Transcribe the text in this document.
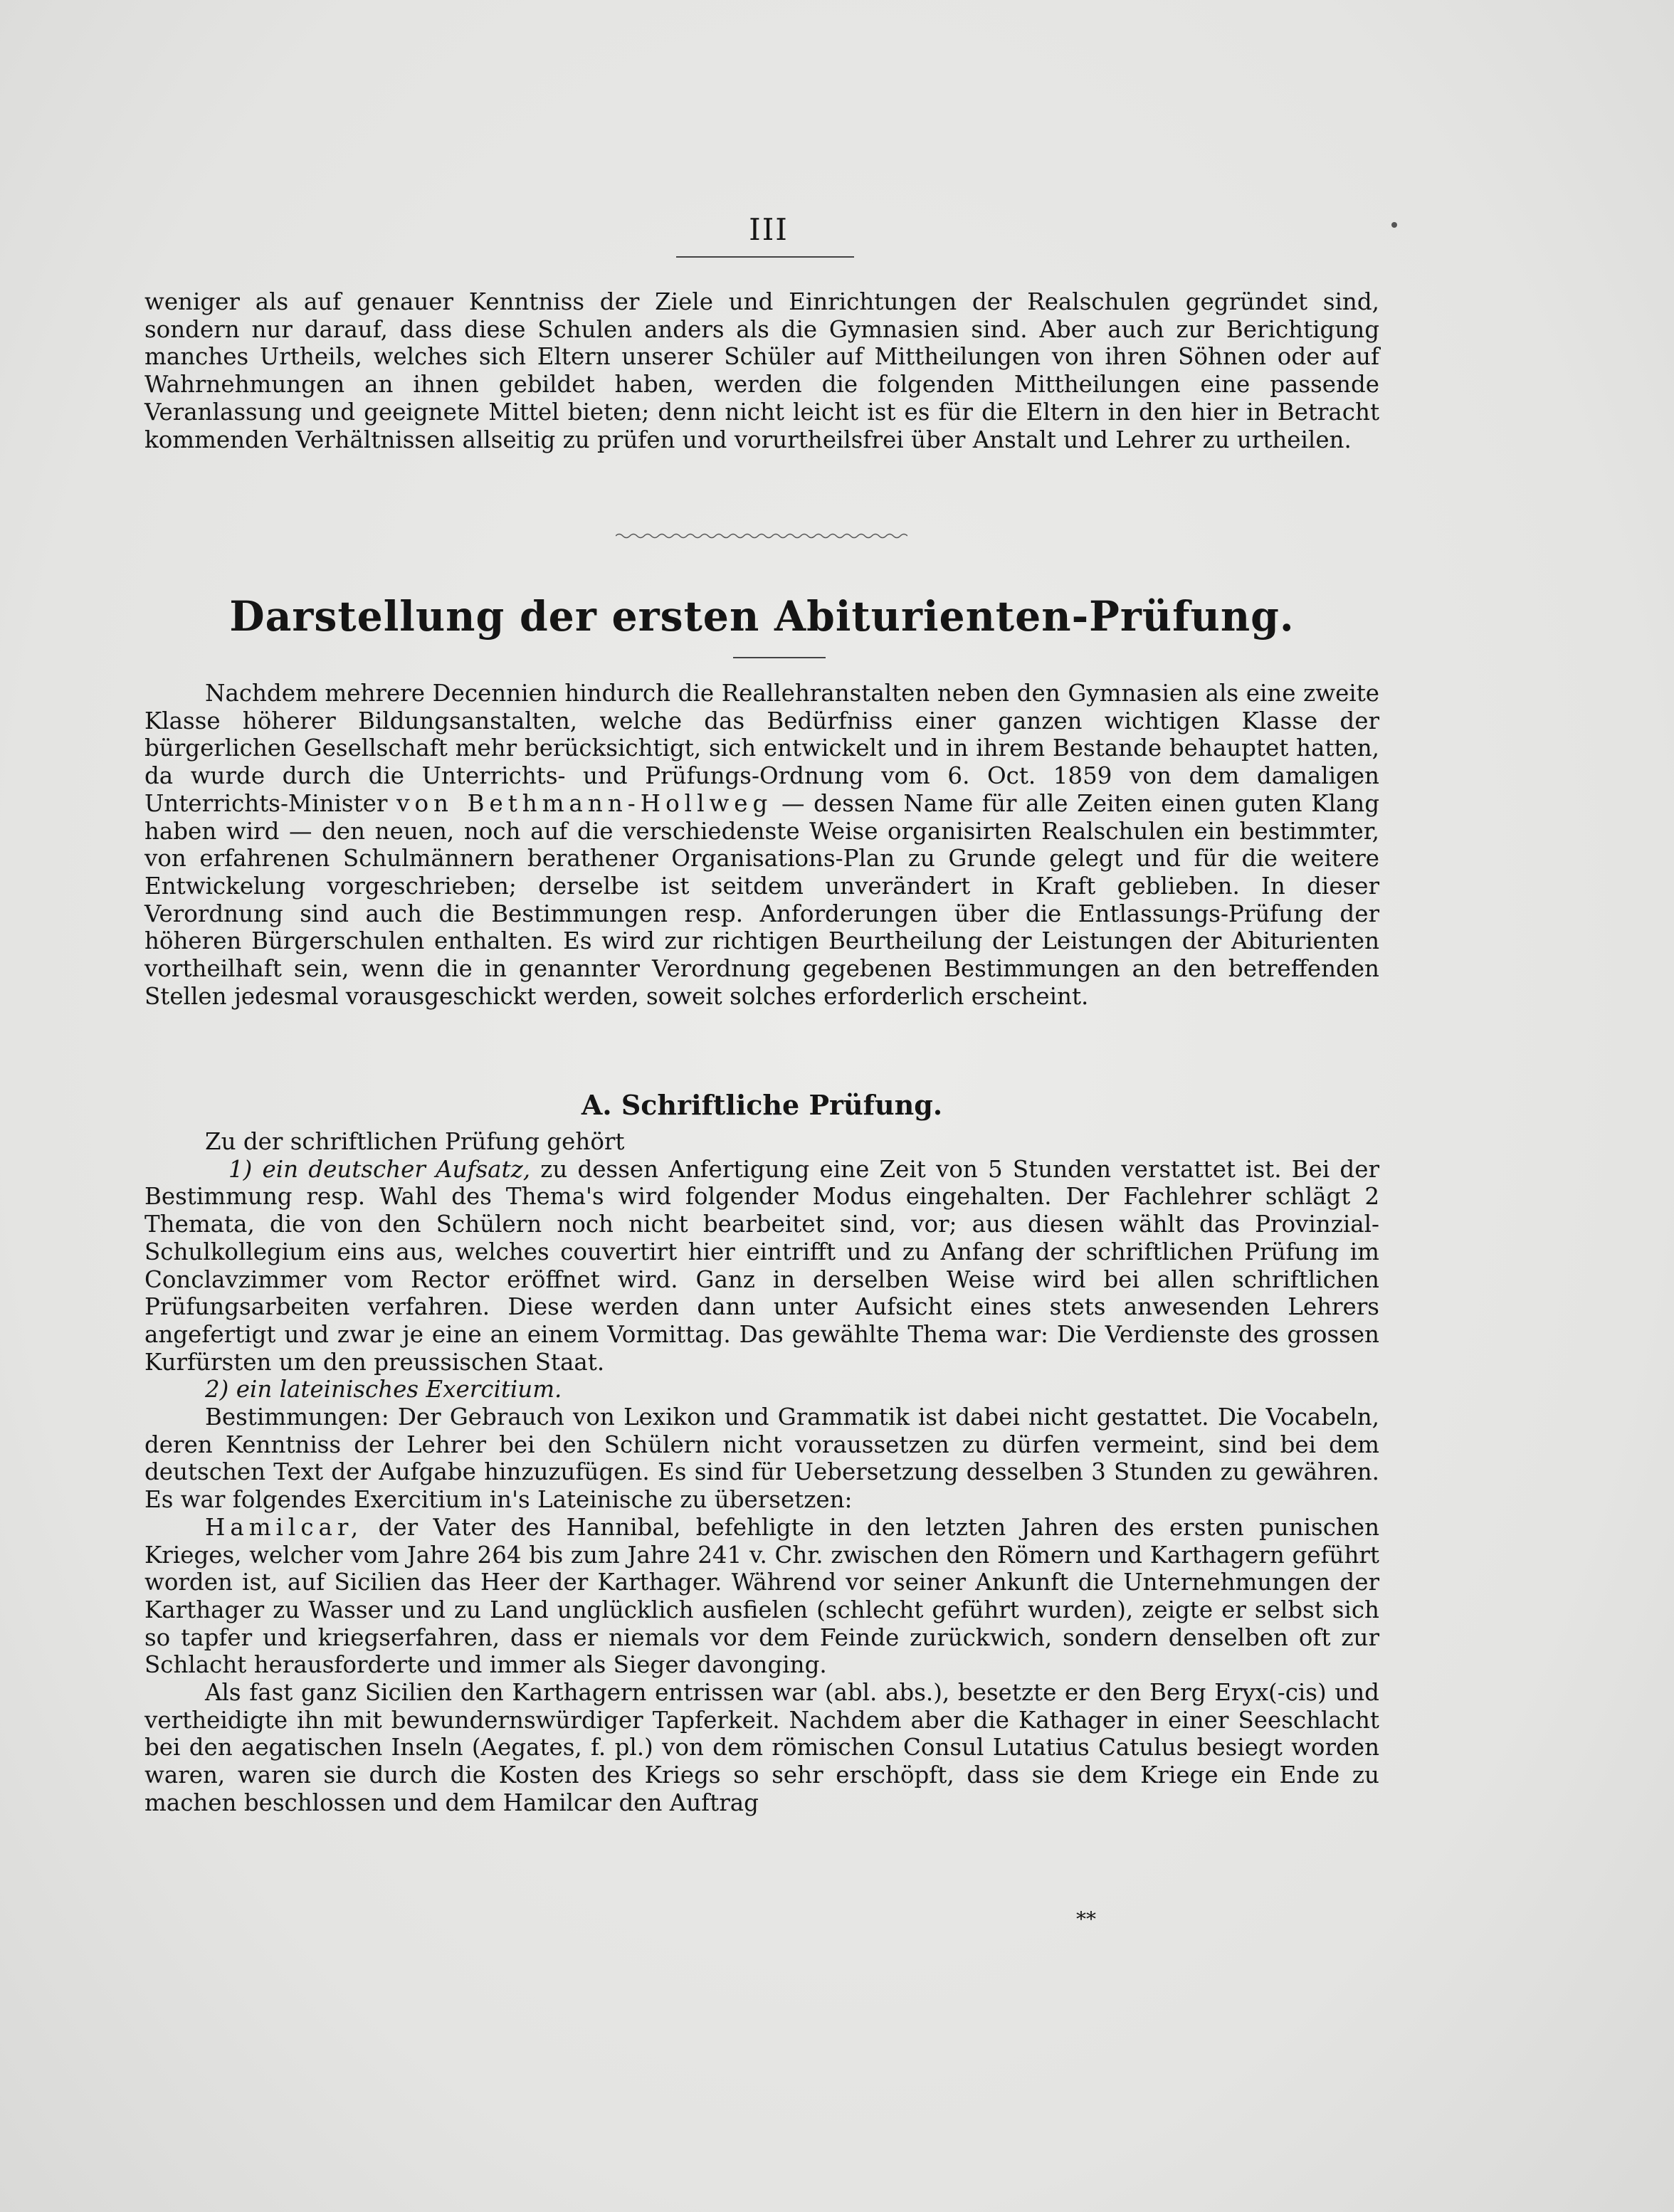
III

weniger als auf genauer Kenntniss der Ziele und Einrichtungen der Realschulen gegründet sind, sondern nur darauf, dass diese Schulen anders als die Gymnasien sind. Aber auch zur Berichtigung manches Urtheils, welches sich Eltern unserer Schüler auf Mittheilungen von ihren Söhnen oder auf Wahrnehmungen an ihnen gebildet haben, werden die folgenden Mittheilungen eine passende Veranlassung und geeignete Mittel bieten; denn nicht leicht ist es für die Eltern in den hier in Betracht kommenden Verhältnissen allseitig zu prüfen und vorurtheilsfrei über Anstalt und Lehrer zu urtheilen.

Darstellung der ersten Abiturienten-Prüfung.

Nachdem mehrere Decennien hindurch die Reallehranstalten neben den Gymnasien als eine zweite Klasse höherer Bildungsanstalten, welche das Bedürfniss einer ganzen wichtigen Klasse der bürgerlichen Gesellschaft mehr berücksichtigt, sich entwickelt und in ihrem Bestande behauptet hatten, da wurde durch die Unterrichts- und Prüfungs-Ordnung vom 6. Oct. 1859 von dem damaligen Unterrichts-Minister von Bethmann-Hollweg — dessen Name für alle Zeiten einen guten Klang haben wird — den neuen, noch auf die verschiedenste Weise organisirten Realschulen ein bestimmter, von erfahrenen Schulmännern berathener Organisations-Plan zu Grunde gelegt und für die weitere Entwickelung vorgeschrieben; derselbe ist seitdem unverändert in Kraft geblieben. In dieser Verordnung sind auch die Bestimmungen resp. Anforderungen über die Entlassungs-Prüfung der höheren Bürgerschulen enthalten. Es wird zur richtigen Beurtheilung der Leistungen der Abiturienten vortheilhaft sein, wenn die in genannter Verordnung gegebenen Bestimmungen an den betreffenden Stellen jedesmal vorausgeschickt werden, soweit solches erforderlich erscheint.

A. Schriftliche Prüfung.

Zu der schriftlichen Prüfung gehört

1) ein deutscher Aufsatz, zu dessen Anfertigung eine Zeit von 5 Stunden verstattet ist. Bei der Bestimmung resp. Wahl des Thema's wird folgender Modus eingehalten. Der Fachlehrer schlägt 2 Themata, die von den Schülern noch nicht bearbeitet sind, vor; aus diesen wählt das Provinzial-Schulkollegium eins aus, welches couvertirt hier eintrifft und zu Anfang der schriftlichen Prüfung im Conclavzimmer vom Rector eröffnet wird. Ganz in derselben Weise wird bei allen schriftlichen Prüfungsarbeiten verfahren. Diese werden dann unter Aufsicht eines stets anwesenden Lehrers angefertigt und zwar je eine an einem Vormittag. Das gewählte Thema war: Die Verdienste des grossen Kurfürsten um den preussischen Staat.

2) ein lateinisches Exercitium.

Bestimmungen: Der Gebrauch von Lexikon und Grammatik ist dabei nicht gestattet. Die Vocabeln, deren Kenntniss der Lehrer bei den Schülern nicht voraussetzen zu dürfen vermeint, sind bei dem deutschen Text der Aufgabe hinzuzufügen. Es sind für Uebersetzung desselben 3 Stunden zu gewähren. Es war folgendes Exercitium in's Lateinische zu übersetzen:

Hamilcar, der Vater des Hannibal, befehligte in den letzten Jahren des ersten punischen Krieges, welcher vom Jahre 264 bis zum Jahre 241 v. Chr. zwischen den Römern und Karthagern geführt worden ist, auf Sicilien das Heer der Karthager. Während vor seiner Ankunft die Unternehmungen der Karthager zu Wasser und zu Land unglücklich ausfielen (schlecht geführt wurden), zeigte er selbst sich so tapfer und kriegserfahren, dass er niemals vor dem Feinde zurückwich, sondern denselben oft zur Schlacht herausforderte und immer als Sieger davonging.

Als fast ganz Sicilien den Karthagern entrissen war (abl. abs.), besetzte er den Berg Eryx(-cis) und vertheidigte ihn mit bewundernswürdiger Tapferkeit. Nachdem aber die Kathager in einer Seeschlacht bei den aegatischen Inseln (Aegates, f. pl.) von dem römischen Consul Lutatius Catulus besiegt worden waren, waren sie durch die Kosten des Kriegs so sehr erschöpft, dass sie dem Kriege ein Ende zu machen beschlossen und dem Hamilcar den Auftrag

**
